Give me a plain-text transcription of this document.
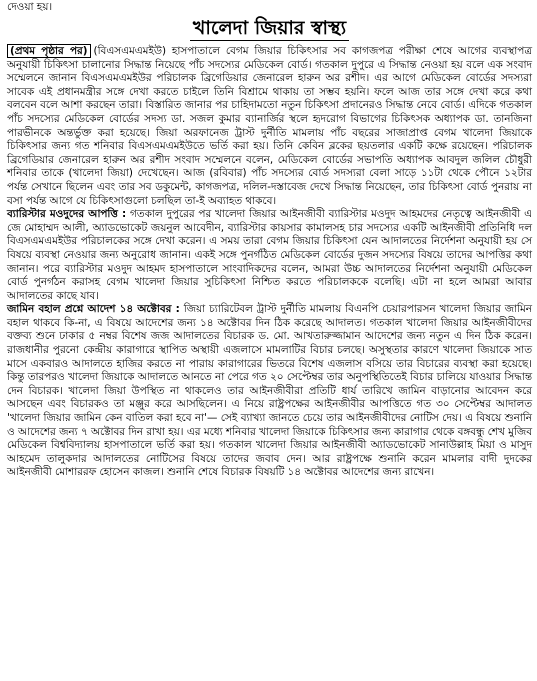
দেওয়া হয়।

খালেদা জিয়ার স্বাস্থ্য

(প্রথম পৃষ্ঠার পর) (বিএসএমএমইউ) হাসপাতালে বেগম জিয়ার চিকিৎসার সব কাগজপত্র পরীক্ষা শেষে আগের ব্যবস্থাপত্র অনুযায়ী চিকিৎসা চালানোর সিদ্ধান্ত নিয়েছে পাঁচ সদস্যের মেডিকেল বোর্ড। গতকাল দুপুরে এ সিদ্ধান্ত নেওয়া হয় বলে এক সংবাদ সম্মেলনে জানান বিএসএমএমইউর পরিচালক ব্রিগেডিয়ার জেনারেল হারুন অর রশীদ। এর আগে মেডিকেল বোর্ডের সদস্যরা সাবেক এই প্রধানমন্ত্রীর সঙ্গে দেখা করতে চাইলে তিনি বিশ্রামে থাকায় তা সম্ভব হয়নি। ফলে আজ তার সঙ্গে দেখা করে কথা বলবেন বলে আশা করছেন তারা। বিস্তারিত জানার পর চাহিদামতো নতুন চিকিৎসা প্রদানেরও সিদ্ধান্ত নেবে বোর্ড। এদিকে গতকাল পাঁচ সদস্যের মেডিকেল বোর্ডের সদস্য ডা. সজল কুমার ব্যানার্জির স্থলে হৃদরোগ বিভাগের চিকিৎসক অধ্যাপক ডা. তানজিনা পারভীনকে অন্তর্ভুক্ত করা হয়েছে। জিয়া অরফানেজ ট্রাস্ট দুর্নীতি মামলায় পাঁচ বছরের সাজাপ্রাপ্ত বেগম খালেদা জিয়াকে চিকিৎসার জন্য গত শনিবার বিএসএমএমইউতে ভর্তি করা হয়। তিনি কেবিন ব্লকের ছয়তলার একটি কক্ষে রয়েছেন। পরিচালক ব্রিগেডিয়ার জেনারেল হারুন অর রশীদ সংবাদ সম্মেলনে বলেন, মেডিকেল বোর্ডের সভাপতি অধ্যাপক আবদুল জলিল চৌধুরী শনিবার তাকে (খালেদা জিয়া) দেখেছেন। আজ (রবিবার) পাঁচ সদস্যের বোর্ড সদস্যরা বেলা সাড়ে ১১টা থেকে পৌনে ১২টার পর্যন্ত সেখানে ছিলেন এবং তার সব ডকুমেন্ট, কাগজপত্র, দলিল-দস্তাবেজ দেখে সিদ্ধান্ত নিয়েছেন, তার চিকিৎসা বোর্ড পুনরায় না বসা পর্যন্ত আগে যে চিকিৎসাগুলো চলছিল তা-ই অব্যাহত থাকবে।

ব্যারিস্টার মওদুদের আপত্তি : গতকাল দুপুরের পর খালেদা জিয়ার আইনজীবী ব্যারিস্টার মওদুদ আহমদের নেতৃত্বে আইনজীবী এ জে মোহাম্মদ আলী, অ্যাডভোকেট জয়নুল আবেদীন, ব্যারিস্টার কায়সার কামালসহ চার সদস্যের একটি আইনজীবী প্রতিনিধি দল বিএসএমএমইউর পরিচালকের সঙ্গে দেখা করেন। এ সময় তারা বেগম জিয়ার চিকিৎসা যেন আদালতের নির্দেশনা অনুযায়ী হয় সে বিষয়ে ব্যবস্থা নেওয়ার জন্য অনুরোধ জানান। একই সঙ্গে পুনর্গঠিত মেডিকেল বোর্ডের দুজন সদস্যের বিষয়ে তাদের আপত্তির কথা জানান। পরে ব্যারিস্টার মওদুদ আহমদ হাসপাতালে সাংবাদিকদের বলেন, আমরা উচ্চ আদালতের নির্দেশনা অনুযায়ী মেডিকেল বোর্ড পুনর্গঠন করাসহ বেগম খালেদা জিয়ার সুচিকিৎসা নিশ্চিত করতে পরিচালককে বলেছি। এটা না হলে আমরা আবার আদালতের কাছে যাব।

জামিন বহাল প্রশ্নে আদেশ ১৪ অক্টোবর : জিয়া চ্যারিটেবল ট্রাস্ট দুর্নীতি মামলায় বিএনপি চেয়ারপারসন খালেদা জিয়ার জামিন বহাল থাকবে কি-না, এ বিষয়ে আদেশের জন্য ১৪ অক্টোবর দিন ঠিক করেছে আদালত। গতকাল খালেদা জিয়ার আইনজীবীদের বক্তব্য শুনে ঢাকার ৫ নম্বর বিশেষ জজ আদালতের বিচারক ড. মো. আখতারুজ্জামান আদেশের জন্য নতুন এ দিন ঠিক করেন। রাজধানীর পুরনো কেন্দ্রীয় কারাগারে স্থাপিত অস্থায়ী এজলাসে মামলাটির বিচার চলছে। অসুস্থতার কারণে খালেদা জিয়াকে সাত মাসে একবারও আদালতে হাজির করতে না পারায় কারাগারের ভিতরে বিশেষ এজলাস বসিয়ে তার বিচারের ব্যবস্থা করা হয়েছে। কিন্তু তারপরও খালেদা জিয়াকে আদালতে আনতে না পেরে গত ২০ সেপ্টেম্বর তার অনুপস্থিতিতেই বিচার চালিয়ে যাওয়ার সিদ্ধান্ত দেন বিচারক। খালেদা জিয়া উপস্থিত না থাকলেও তার আইনজীবীরা প্রতিটি ধার্য তারিখে জামিন বাড়ানোর আবেদন করে আসছেন এবং বিচারকও তা মঞ্জুর করে আসছিলেন। এ নিয়ে রাষ্ট্রপক্ষের আইনজীবীর আপত্তিতে গত ৩০ সেপ্টেম্বর আদালত 'খালেদা জিয়ার জামিন কেন বাতিল করা হবে না'— সেই ব্যাখ্যা জানতে চেয়ে তার আইনজীবীদের নোটিস দেয়। এ বিষয়ে শুনানি ও আদেশের জন্য ৭ অক্টোবর দিন রাখা হয়। এর মধ্যে শনিবার খালেদা জিয়াকে চিকিৎসার জন্য কারাগার থেকে বঙ্গবন্ধু শেখ মুজিব মেডিকেল বিশ্ববিদ্যালয় হাসপাতালে ভর্তি করা হয়। গতকাল খালেদা জিয়ার আইনজীবী অ্যাডভোকেট সানাউল্লাহ মিয়া ও মাসুদ আহমেদ তালুকদার আদালতের নোটিসের বিষয়ে তাদের জবাব দেন। আর রাষ্ট্রপক্ষে শুনানি করেন মামলার বাদী দুদকের আইনজীবী মোশাররফ হোসেন কাজল। শুনানি শেষে বিচারক বিষয়টি ১৪ অক্টোবর আদেশের জন্য রাখেন।
